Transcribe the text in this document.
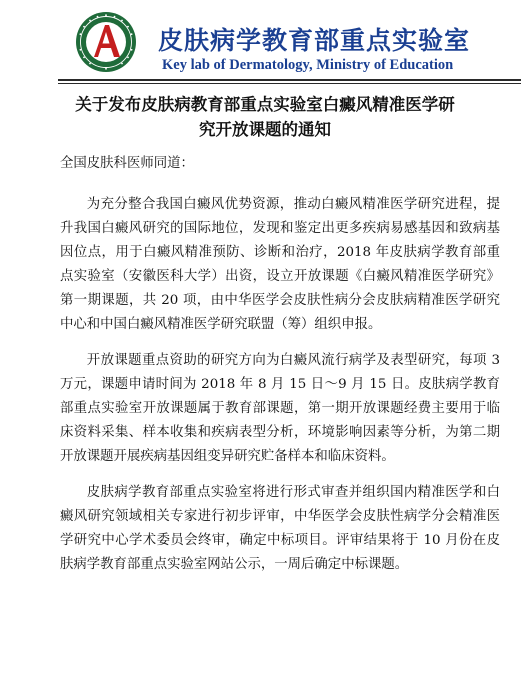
皮肤病学教育部重点实验室
Key lab of Dermatology, Ministry of Education
关于发布皮肤病教育部重点实验室白癜风精准医学研
究开放课题的通知

全国皮肤科医师同道：

为充分整合我国白癜风优势资源，推动白癜风精准医学研究进程，提升我国白癜风研究的国际地位，发现和鉴定出更多疾病易感基因和致病基因位点，用于白癜风精准预防、诊断和治疗，2018 年皮肤病学教育部重点实验室（安徽医科大学）出资，设立开放课题《白癜风精准医学研究》第一期课题，共 20 项，由中华医学会皮肤性病分会皮肤病精准医学研究中心和中国白癜风精准医学研究联盟（筹）组织申报。

开放课题重点资助的研究方向为白癜风流行病学及表型研究，每项 3 万元，课题申请时间为 2018 年 8 月 15 日～9 月 15 日。皮肤病学教育部重点实验室开放课题属于教育部课题，第一期开放课题经费主要用于临床资料采集、样本收集和疾病表型分析，环境影响因素等分析，为第二期开放课题开展疾病基因组变异研究贮备样本和临床资料。

皮肤病学教育部重点实验室将进行形式审查并组织国内精准医学和白癜风研究领域相关专家进行初步评审，中华医学会皮肤性病学分会精准医学研究中心学术委员会终审，确定中标项目。评审结果将于 10 月份在皮肤病学教育部重点实验室网站公示，一周后确定中标课题。
